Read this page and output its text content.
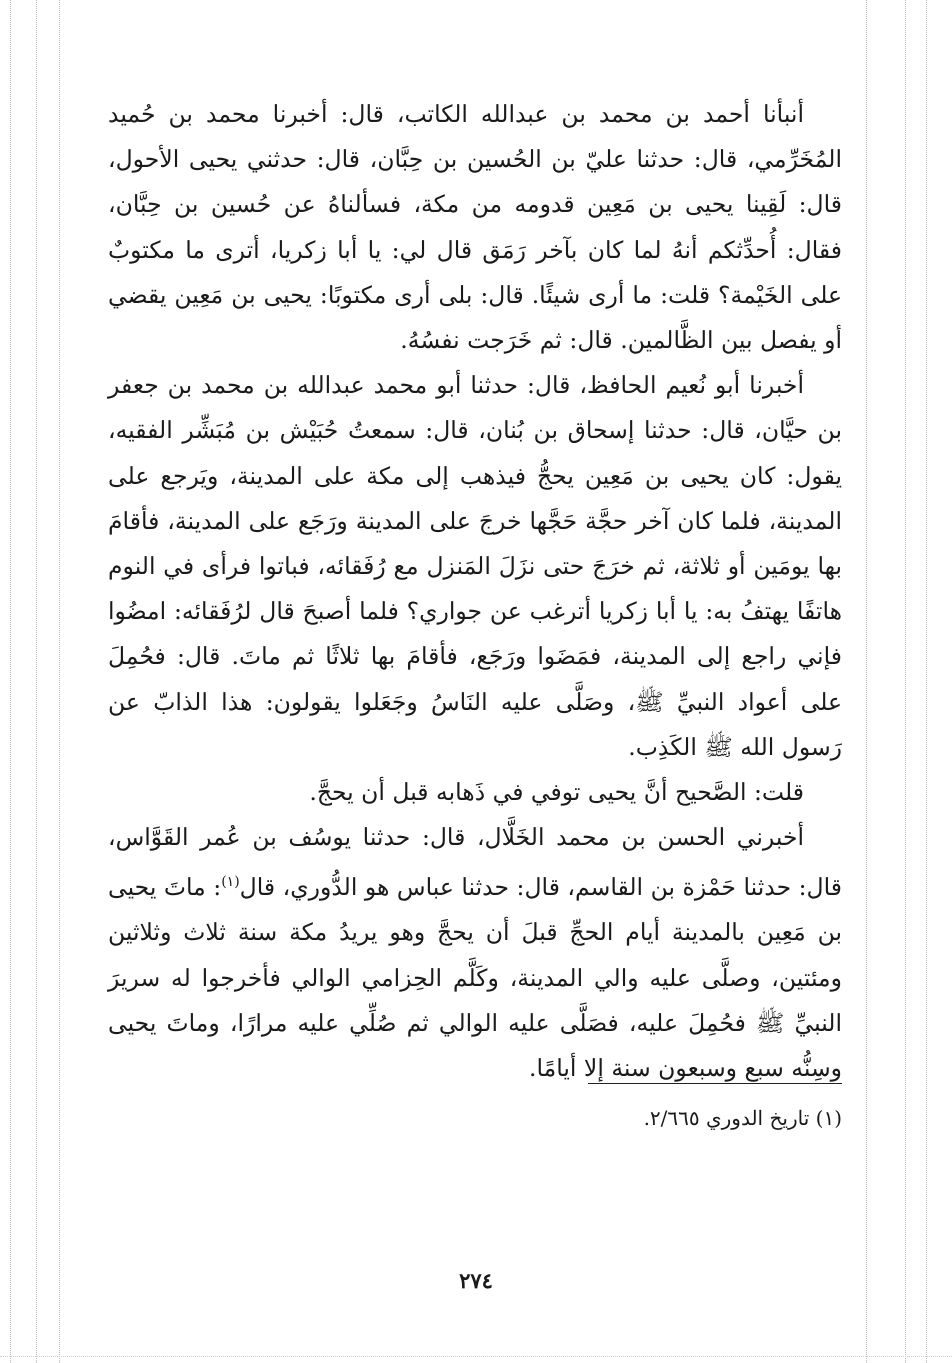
أنبأنا أحمد بن محمد بن عبدالله الكاتب، قال: أخبرنا محمد بن حُميد المُخَرِّمي، قال: حدثنا عليّ بن الحُسين بن حِبَّان، قال: حدثني يحيى الأحول، قال: لَقِينا يحيى بن مَعِين قدومه من مكة، فسألناهُ عن حُسين بن حِبَّان، فقال: أُحدِّثكم أنهُ لما كان بآخر رَمَق قال لي: يا أبا زكريا، أترى ما مكتوبٌ على الخَيْمة؟ قلت: ما أرى شيئًا. قال: بلى أرى مكتوبًا: يحيى بن مَعِين يقضي أو يفصل بين الظَّالمين. قال: ثم خَرَجت نفسُهُ.

أخبرنا أبو نُعيم الحافظ، قال: حدثنا أبو محمد عبدالله بن محمد بن جعفر بن حيَّان، قال: حدثنا إسحاق بن بُنان، قال: سمعتُ حُبَيْش بن مُبَشِّر الفقيه، يقول: كان يحيى بن مَعِين يحجُّ فيذهب إلى مكة على المدينة، ويَرجع على المدينة، فلما كان آخر حجَّة حَجَّها خرجَ على المدينة ورَجَع على المدينة، فأقامَ بها يومَين أو ثلاثة، ثم خرَجَ حتى نزَلَ المَنزل مع رُفَقائه، فباتوا فرأى في النوم هاتفًا يهتفُ به: يا أبا زكريا أترغب عن جواري؟ فلما أصبحَ قال لرُفَقائه: امضُوا فإني راجع إلى المدينة، فمَضَوا ورَجَع، فأقامَ بها ثلاثًا ثم ماتَ. قال: فحُمِلَ على أعواد النبيِّ ﷺ، وصَلَّى عليه النَاسُ وجَعَلوا يقولون: هذا الذابّ عن رَسول الله ﷺ الكَذِب.

قلت: الصَّحيح أنَّ يحيى توفي في ذَهابه قبل أن يحجَّ.

أخبرني الحسن بن محمد الخَلَّال، قال: حدثنا يوسُف بن عُمر القَوَّاس، قال: حدثنا حَمْزة بن القاسم، قال: حدثنا عباس هو الدُّوري، قال$^{(١)}$: ماتَ يحيى بن مَعِين بالمدينة أيام الحجِّ قبلَ أن يحجَّ وهو يريدُ مكة سنة ثلاث وثلاثين ومئتين، وصلَّى عليه والي المدينة، وكَلَّم الحِزامي الوالي فأخرجوا له سريرَ النبيِّ ﷺ فحُمِلَ عليه، فصَلَّى عليه الوالي ثم صُلِّي عليه مرارًا، وماتَ يحيى وسِنُّه سبع وسبعون سنة إلا أيامًا.

(١) تاريخ الدوري ٢/٦٦٥.
٢٧٤
